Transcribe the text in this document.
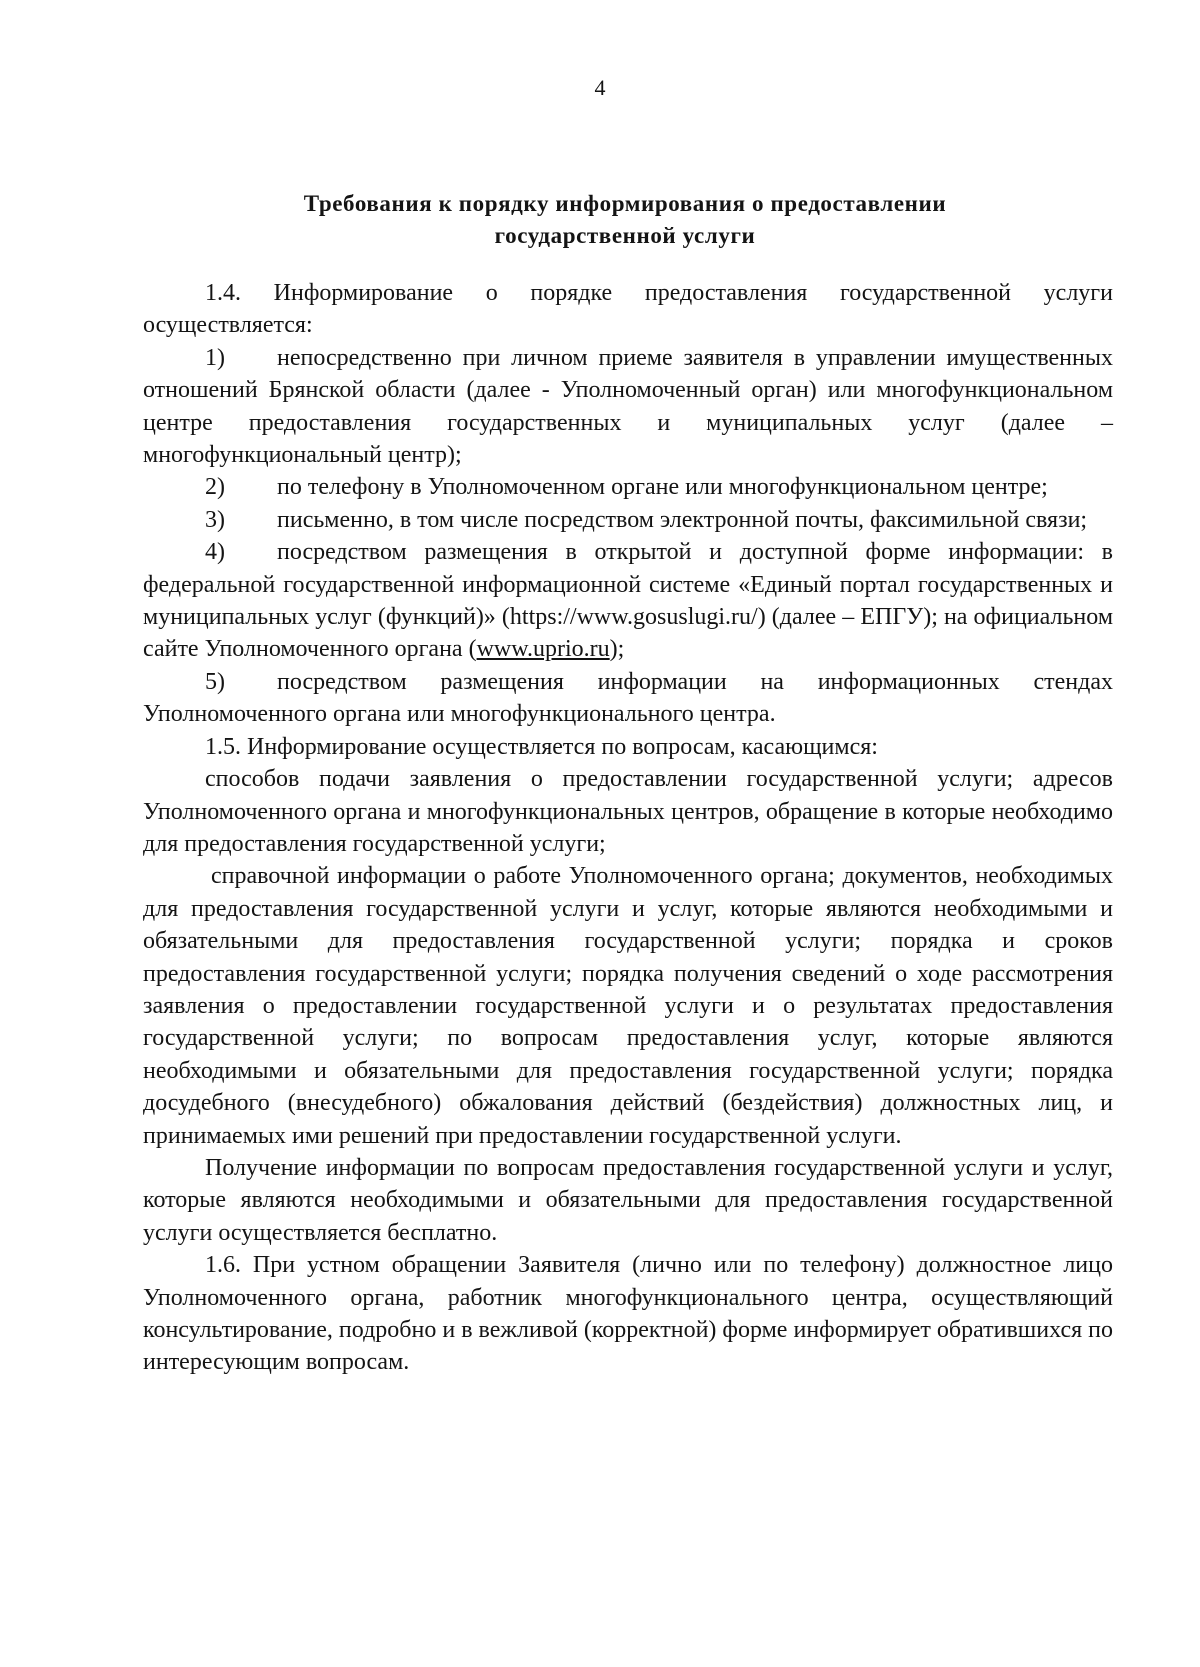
4
Требования к порядку информирования о предоставлении
государственной услуги

1.4. Информирование о порядке предоставления государственной услуги осуществляется:

1) непосредственно при личном приеме заявителя в управлении имущественных отношений Брянской области (далее - Уполномоченный орган) или многофункциональном центре предоставления государственных и муниципальных услуг (далее – многофункциональный центр);

2) по телефону в Уполномоченном органе или многофункциональном центре;

3) письменно, в том числе посредством электронной почты, факсимильной связи;

4) посредством размещения в открытой и доступной форме информации: в федеральной государственной информационной системе «Единый портал государственных и муниципальных услуг (функций)» (https://www.gosuslugi.ru/) (далее – ЕПГУ); на официальном сайте Уполномоченного органа (www.uprio.ru);

5) посредством размещения информации на информационных стендах Уполномоченного органа или многофункционального центра.

1.5. Информирование осуществляется по вопросам, касающимся:

способов подачи заявления о предоставлении государственной услуги; адресов Уполномоченного органа и многофункциональных центров, обращение в которые необходимо для предоставления государственной услуги;

справочной информации о работе Уполномоченного органа; документов, необходимых для предоставления государственной услуги и услуг, которые являются необходимыми и обязательными для предоставления государственной услуги; порядка и сроков предоставления государственной услуги; порядка получения сведений о ходе рассмотрения заявления о предоставлении государственной услуги и о результатах предоставления государственной услуги; по вопросам предоставления услуг, которые являются необходимыми и обязательными для предоставления государственной услуги; порядка досудебного (внесудебного) обжалования действий (бездействия) должностных лиц, и принимаемых ими решений при предоставлении государственной услуги.

Получение информации по вопросам предоставления государственной услуги и услуг, которые являются необходимыми и обязательными для предоставления государственной услуги осуществляется бесплатно.

1.6. При устном обращении Заявителя (лично или по телефону) должностное лицо Уполномоченного органа, работник многофункционального центра, осуществляющий консультирование, подробно и в вежливой (корректной) форме информирует обратившихся по интересующим вопросам.
